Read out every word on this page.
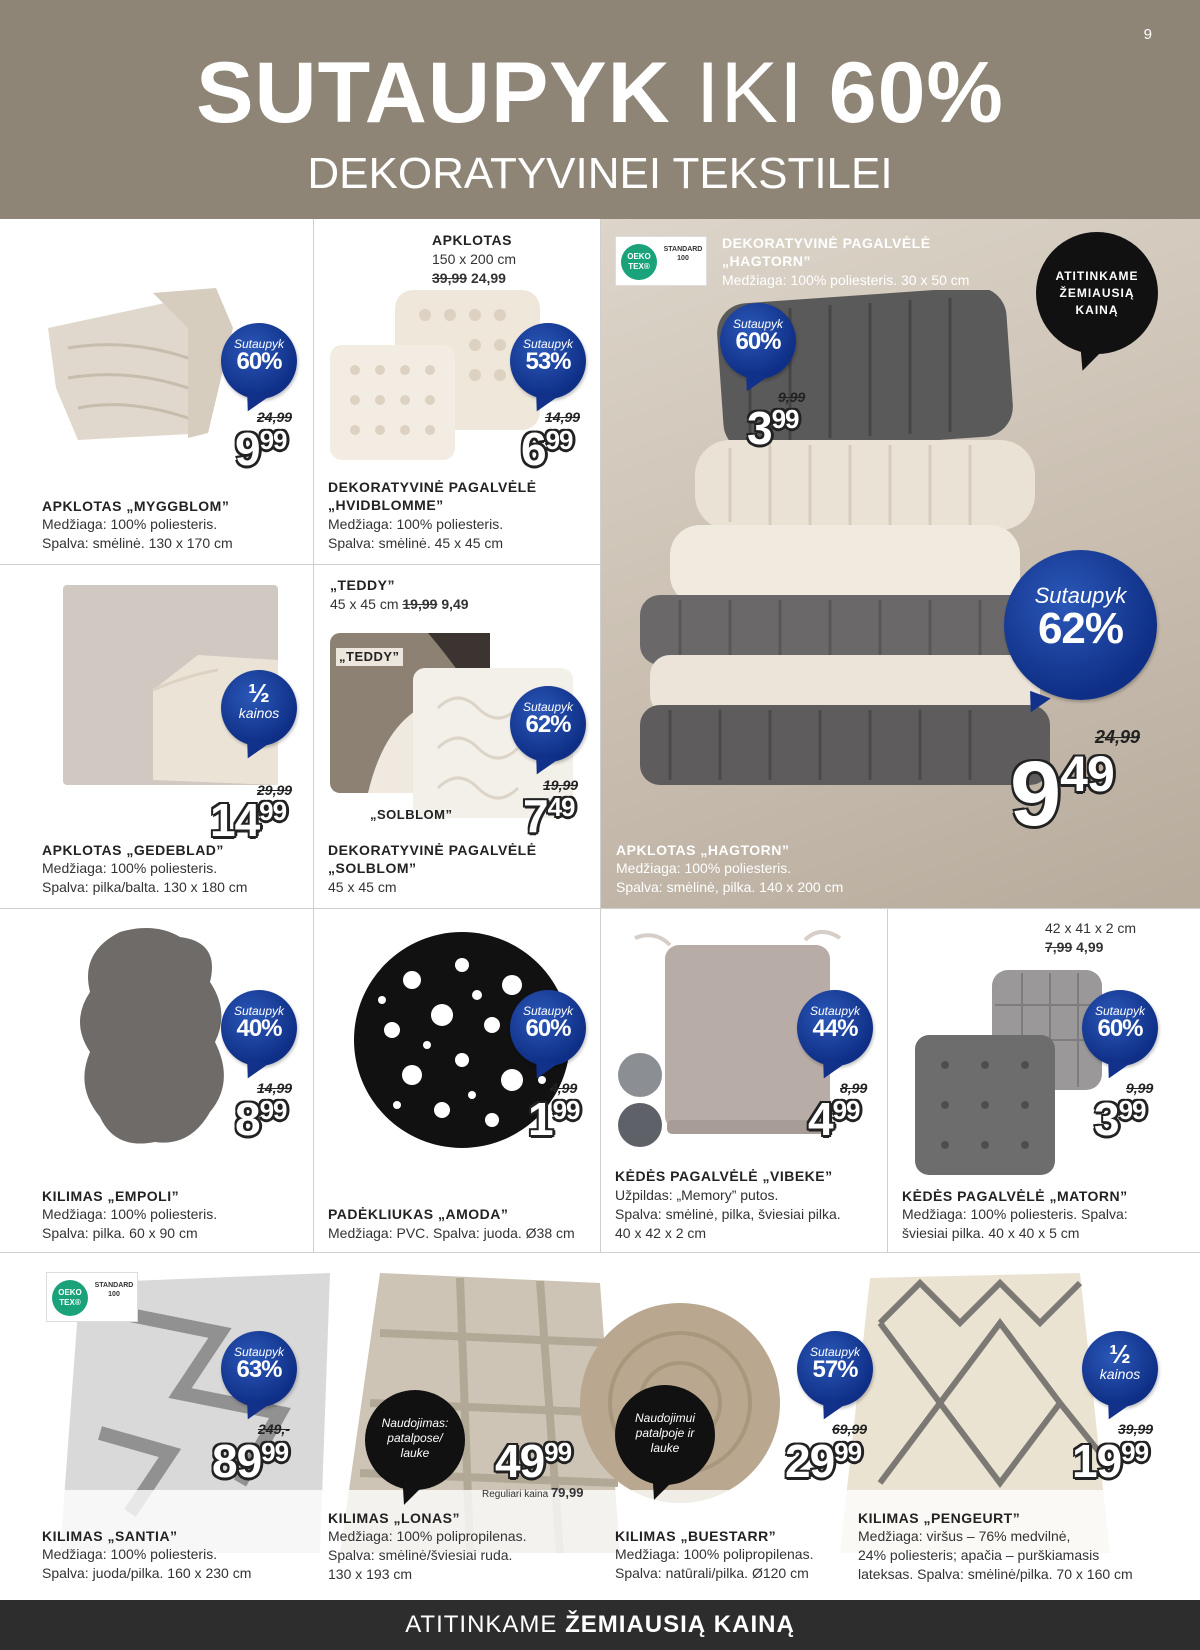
9
SUTAUPYK IKI 60%
DEKORATYVINEI TEKSTILEI
Sutaupyk
60%
24,99
999
APKLOTAS „MYGGBLOM”
Medžiaga: 100% poliesteris.
Spalva: smėlinė. 130 x 170 cm
APKLOTAS
150 x 200 cm
39,99 24,99
Sutaupyk
53%
14,99
699
DEKORATYVINĖ PAGALVĖLĖ
„HVIDBLOMME”
Medžiaga: 100% poliesteris.
Spalva: smėlinė. 45 x 45 cm
OEKO
TEX®
STANDARD
100
DEKORATYVINĖ PAGALVĖLĖ
„HAGTORN”
Medžiaga: 100% poliesteris. 30 x 50 cm	ATITINKAME
ŽEMIAUSIĄ
KAINĄ
Sutaupyk
60%
9,99
399
Sutaupyk
62%
24,99
949
APKLOTAS „HAGTORN”
Medžiaga: 100% poliesteris.
Spalva: smėlinė, pilka. 140 x 200 cm
½
kainos
29,99
1499
APKLOTAS „GEDEBLAD”
Medžiaga: 100% poliesteris.
Spalva: pilka/balta. 130 x 180 cm
„TEDDY”
45 x 45 cm 19,99 9,49
„TEDDY”
„SOLBLOM”
Sutaupyk
62%
19,99
749
DEKORATYVINĖ PAGALVĖLĖ
„SOLBLOM”
45 x 45 cm
Sutaupyk
40%
14,99
899
KILIMAS „EMPOLI”
Medžiaga: 100% poliesteris.
Spalva: pilka. 60 x 90 cm
Sutaupyk
60%
4,99
199
PADĖKLIUKAS „AMODA”
Medžiaga: PVC. Spalva: juoda. Ø38 cm
Sutaupyk
44%
8,99
499
KĖDĖS PAGALVĖLĖ „VIBEKE”
Užpildas: „Memory” putos.
Spalva: smėlinė, pilka, šviesiai pilka.
40 x 42 x 2 cm
42 x 41 x 2 cm
7,99 4,99
Sutaupyk
60%
9,99
399
KĖDĖS PAGALVĖLĖ „MATORN”
Medžiaga: 100% poliesteris. Spalva:
šviesiai pilka. 40 x 40 x 5 cm
OEKO
TEX®
STANDARD
100
Sutaupyk
63%
249,-
8999
KILIMAS „SANTIA”
Medžiaga: 100% poliesteris.
Spalva: juoda/pilka. 160 x 230 cm
Naudojimas:
patalpose/
lauke	4999
Reguliari kaina 79,99
KILIMAS „LONAS”
Medžiaga: 100% polipropilenas.
Spalva: smėlinė/šviesiai ruda.
130 x 193 cm
Naudojimui
patalpoje ir
lauke
Sutaupyk
57%
69,99
2999
KILIMAS „BUESTARR”
Medžiaga: 100% polipropilenas.
Spalva: natūrali/pilka. Ø120 cm
½
kainos
39,99
1999
KILIMAS „PENGEURT”
Medžiaga: viršus – 76% medvilnė,
24% poliesteris; apačia – purškiamasis
lateksas. Spalva: smėlinė/pilka. 70 x 160 cm
ATITINKAME ŽEMIAUSIĄ KAINĄ
